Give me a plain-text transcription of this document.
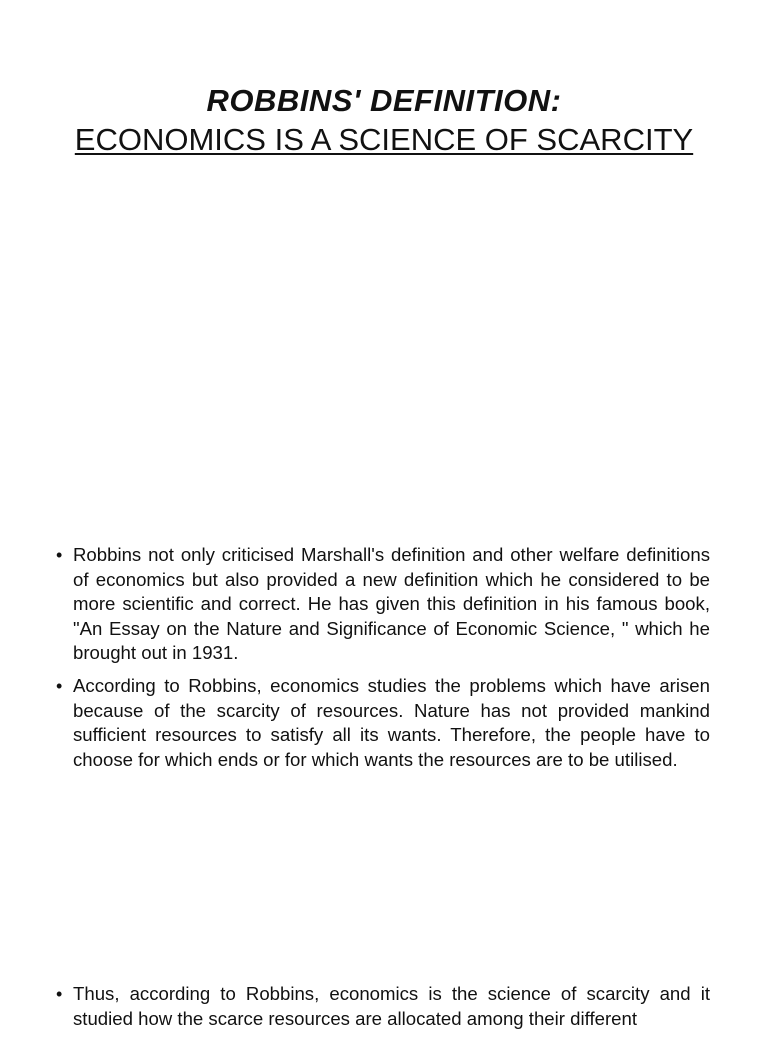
ROBBINS' DEFINITION:
ECONOMICS IS A SCIENCE OF SCARCITY
• Robbins not only criticised Marshall's definition and other welfare definitions of economics but also provided a new definition which he considered to be more scientific and correct. He has given this definition in his famous book, "An Essay on the Nature and Significance of Economic Science, " which he brought out in 1931.
• According to Robbins, economics studies the problems which have arisen because of the scarcity of resources. Nature has not provided mankind sufficient resources to satisfy all its wants. Therefore, the people have to choose for which ends or for which wants the resources are to be utilised.
• Thus, according to Robbins, economics is the science of scarcity and it studied how the scarce resources are allocated among their different
